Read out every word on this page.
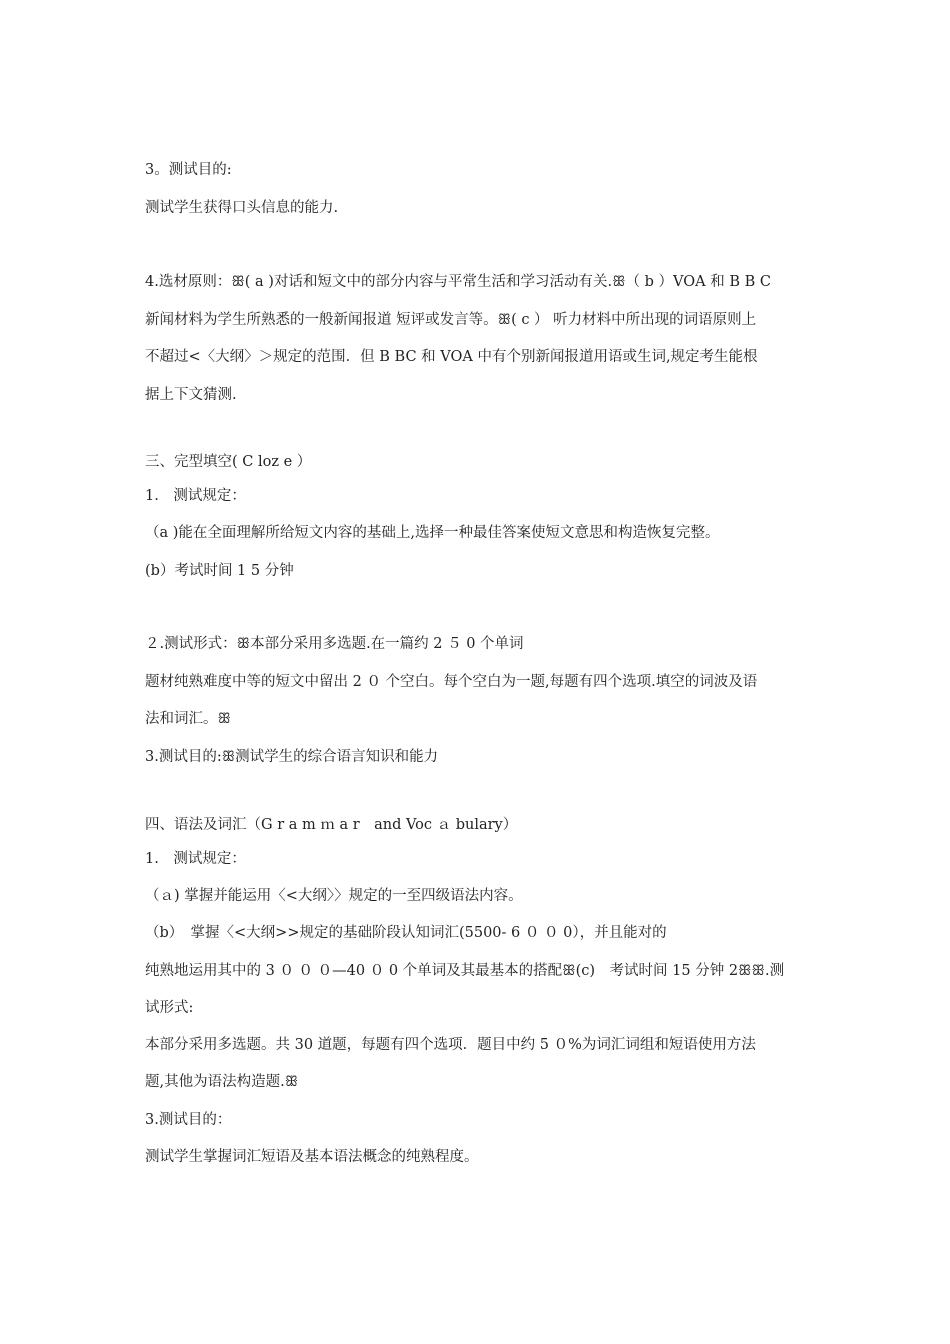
3。测试目的:
测试学生获得口头信息的能力.
4.选材原则：ꕥ( a )对话和短文中的部分内容与平常生活和学习活动有关.ꕥ（ b ）VOA 和 B B C
新闻材料为学生所熟悉的一般新闻报道 短评或发言等。ꕥ( c ） 听力材料中所出现的词语原则上
不超过<〈大纲〉＞规定的范围．但 B BC 和 VOA 中有个别新闻报道用语或生词,规定考生能根
据上下文猜测.
三、完型填空( C loz e ）
1.　测试规定：
（a )能在全面理解所给短文内容的基础上,选择一种最佳答案使短文意思和构造恢复完整。
(b）考试时间 1 5 分钟
２.测试形式：ꕥ本部分采用多选题.在一篇约 2 ５ 0 个单词
题材纯熟难度中等的短文中留出 2 ０ 个空白。每个空白为一题,每题有四个选项.填空的词波及语
法和词汇。ꕥ
3.测试目的:ꕥ测试学生的综合语言知识和能力
四、语法及词汇（G r a m ｍ a r　and Voc ａ bulary）
1.　测试规定：
（ａ) 掌握并能运用〈<大纲〉〉规定的一至四级语法内容。
（b）　掌握〈<大纲>>规定的基础阶段认知词汇(5500- 6 ０ ０ 0），并且能对的
纯熟地运用其中的 3 ０ ０ ０—40 ０ 0 个单词及其最基本的搭配ꕥ(c)　考试时间 15 分钟 2ꕥꕥ.测
试形式:
本部分采用多选题。共 30 道题，每题有四个选项．题目中约 5 ０%为词汇词组和短语使用方法
题,其他为语法构造题.ꕥ
3.测试目的：
测试学生掌握词汇短语及基本语法概念的纯熟程度。
